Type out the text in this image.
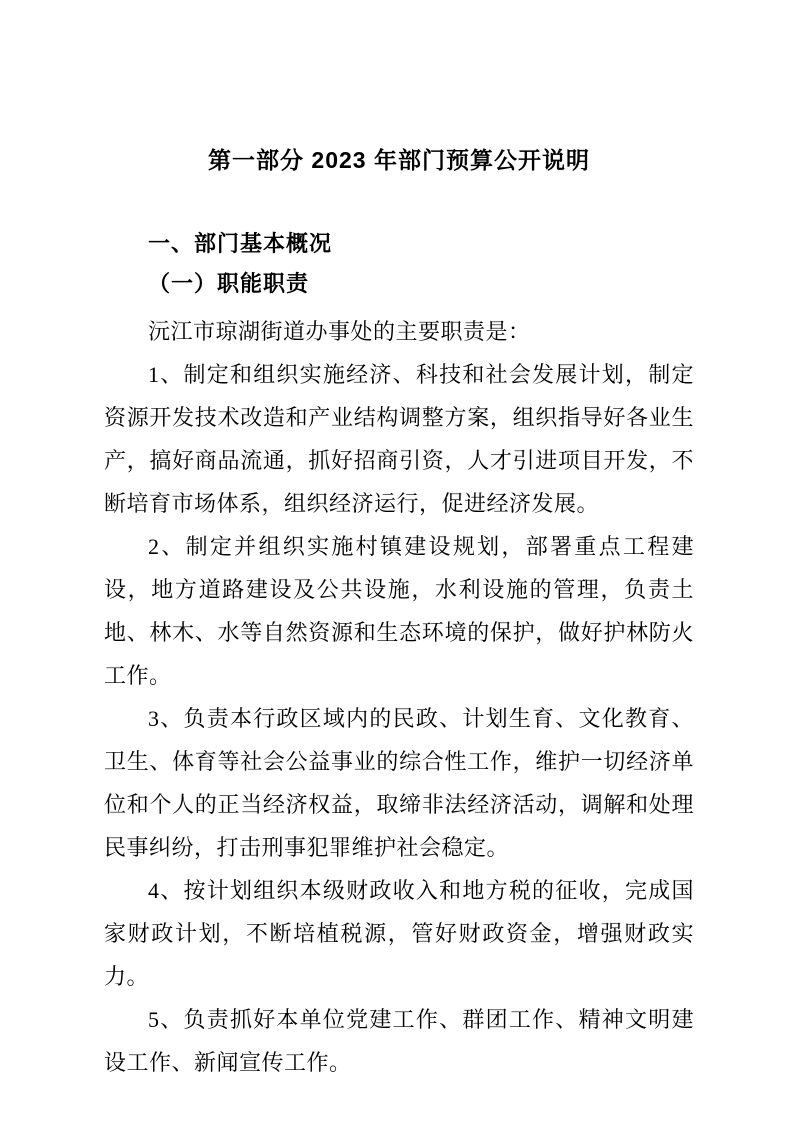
第一部分 2023 年部门预算公开说明
一、部门基本概况
（一）职能职责

沅江市琼湖街道办事处的主要职责是：

1、制定和组织实施经济、科技和社会发展计划，制定资源开发技术改造和产业结构调整方案，组织指导好各业生产，搞好商品流通，抓好招商引资，人才引进项目开发，不断培育市场体系，组织经济运行，促进经济发展。

2、制定并组织实施村镇建设规划，部署重点工程建设，地方道路建设及公共设施，水利设施的管理，负责土地、林木、水等自然资源和生态环境的保护，做好护林防火工作。

3、负责本行政区域内的民政、计划生育、文化教育、卫生、体育等社会公益事业的综合性工作，维护一切经济单位和个人的正当经济权益，取缔非法经济活动，调解和处理民事纠纷，打击刑事犯罪维护社会稳定。

4、按计划组织本级财政收入和地方税的征收，完成国家财政计划，不断培植税源，管好财政资金，增强财政实力。

5、负责抓好本单位党建工作、群团工作、精神文明建设工作、新闻宣传工作。
